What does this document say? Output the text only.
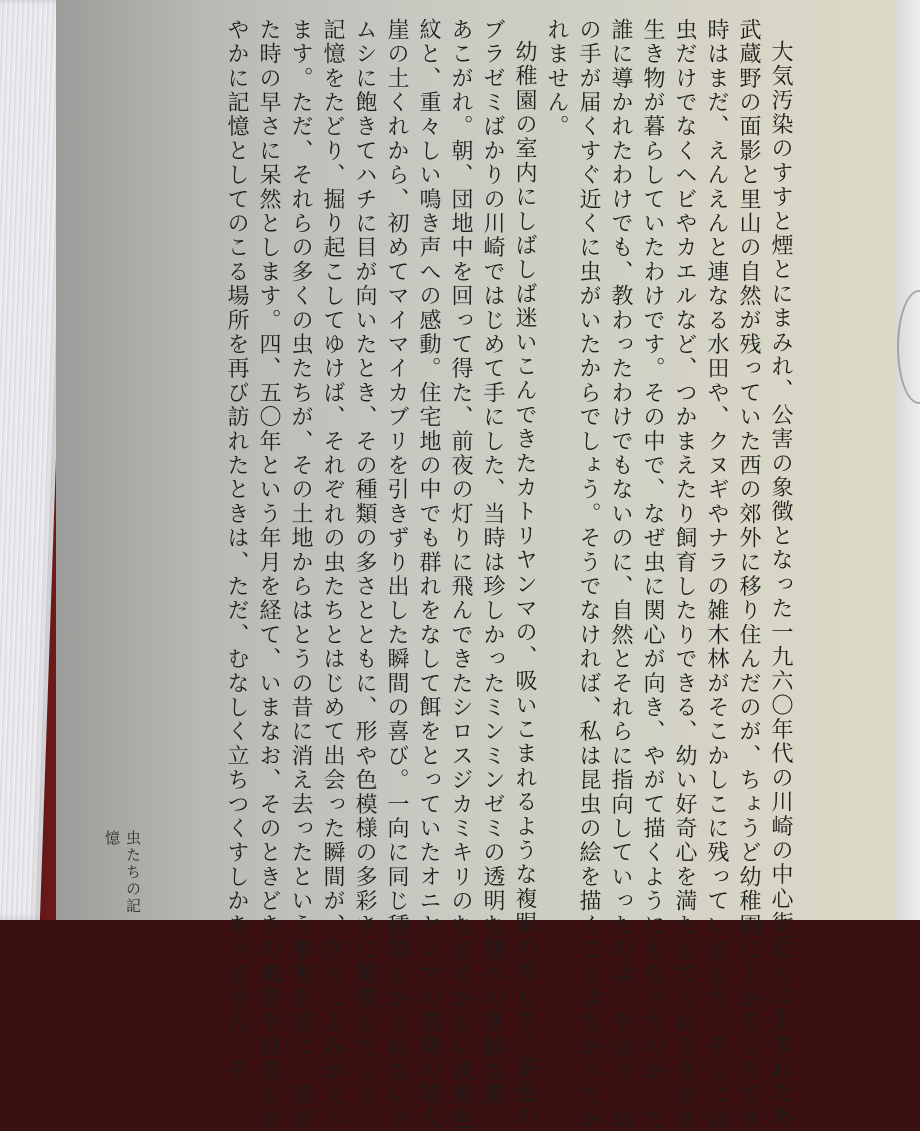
大気汚染のすすと煙とにまみれ、公害の象徴となった一九六〇年代の川崎の中心街近くに生まれたあ

武蔵野の面影と里山の自然が残っていた西の郊外に移り住んだのが、ちょうど幼稚園に上がるころです

時はまだ、えんえんと連なる水田や、クヌギやナラの雑木林がそこかしこに残っていました。そこには

虫だけでなくヘビやカエルなど、つかまえたり飼育したりできる、幼い好奇心を満たしてくれるさまざ

生き物が暮らしていたわけです。その中で、なぜ虫に関心が向き、やがて描くようにもなったのか。た

誰に導かれたわけでも、教わったわけでもないのに、自然とそれらに指向していったのは、やはり、幼

の手が届くすぐ近くに虫がいたからでしょう。そうでなければ、私は昆虫の絵を描くことはなかったか

れません。

幼稚園の室内にしばしば迷いこんできたカトリヤンマの、吸いこまれるような複眼の美しさ。茶色の

ブラゼミばかりの川崎ではじめて手にした、当時は珍しかったミンミンゼミの透明な翅への新鮮な驚

あこがれ。朝、団地中を回って得た、前夜の灯りに飛んできたシロスジカミキリのなまめかしい淡黄色

紋と、重々しい鳴き声への感動。住宅地の中でも群れをなして餌をとっていたオニヤンマの飛翔の雄大

崖の土くれから、初めてマイマイカブリを引きずり出した瞬間の喜び。一向に同じ種類しかとれないク

ムシに飽きてハチに目が向いたとき、その種類の多さとともに、形や色模様の多彩さに驚嘆したこと

記憶をたどり、掘り起こしてゆけば、それぞれの虫たちとはじめて出会った瞬間が、次々によみがえっ

ます。ただ、それらの多くの虫たちが、その土地からはとうの昔に消え去ったという事実を前に、過ぎ

た時の早さに呆然とします。四、五〇年という年月を経て、いまなお、そのときどきの風景や日差しま

やかに記憶としてのこる場所を再び訪れたときは、ただ、むなしく立ちつくすしかありません。そ

虫たちの記憶
